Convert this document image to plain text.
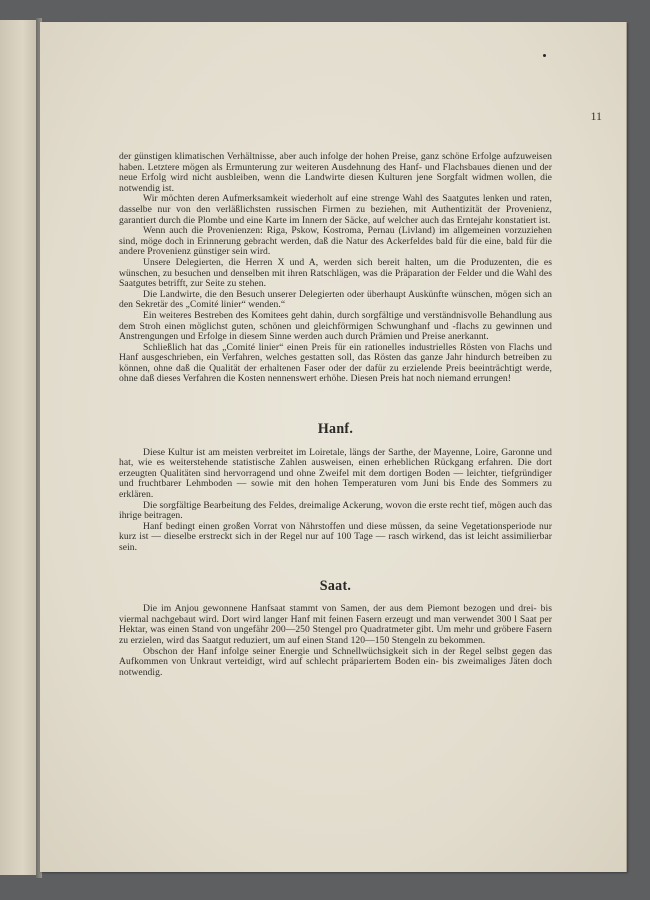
11

der günstigen klimatischen Verhältnisse, aber auch infolge der hohen Preise, ganz schöne Erfolge aufzuweisen haben. Letztere mögen als Ermunterung zur weiteren Ausdehnung des Hanf- und Flachsbaues dienen und der neue Erfolg wird nicht ausbleiben, wenn die Landwirte diesen Kulturen jene Sorgfalt widmen wollen, die notwendig ist.

Wir möchten deren Aufmerksamkeit wiederholt auf eine strenge Wahl des Saatgutes lenken und raten, dasselbe nur von den verläßlichsten russischen Firmen zu beziehen, mit Authentizität der Provenienz, garantiert durch die Plombe und eine Karte im Innern der Säcke, auf welcher auch das Erntejahr konstatiert ist.

Wenn auch die Provenienzen: Riga, Pskow, Kostroma, Pernau (Livland) im allgemeinen vorzuziehen sind, möge doch in Erinnerung gebracht werden, daß die Natur des Ackerfeldes bald für die eine, bald für die andere Provenienz günstiger sein wird.

Unsere Delegierten, die Herren X und A, werden sich bereit halten, um die Produzenten, die es wünschen, zu besuchen und denselben mit ihren Ratschlägen, was die Präparation der Felder und die Wahl des Saatgutes betrifft, zur Seite zu stehen.

Die Landwirte, die den Besuch unserer Delegierten oder überhaupt Auskünfte wünschen, mögen sich an den Sekretär des „Comité linier“ wenden.“

Ein weiteres Bestreben des Komitees geht dahin, durch sorgfältige und verständnisvolle Behandlung aus dem Stroh einen möglichst guten, schönen und gleichförmigen Schwunghanf und -flachs zu gewinnen und Anstrengungen und Erfolge in diesem Sinne werden auch durch Prämien und Preise anerkannt.

Schließlich hat das „Comité linier“ einen Preis für ein rationelles industrielles Rösten von Flachs und Hanf ausgeschrieben, ein Verfahren, welches gestatten soll, das Rösten das ganze Jahr hindurch betreiben zu können, ohne daß die Qualität der erhaltenen Faser oder der dafür zu erzielende Preis beeinträchtigt werde, ohne daß dieses Verfahren die Kosten nennenswert erhöhe. Diesen Preis hat noch niemand errungen!

Hanf.

Diese Kultur ist am meisten verbreitet im Loiretale, längs der Sarthe, der Mayenne, Loire, Garonne und hat, wie es weiterstehende statistische Zahlen ausweisen, einen erheblichen Rückgang erfahren. Die dort erzeugten Qualitäten sind hervorragend und ohne Zweifel mit dem dortigen Boden — leichter, tiefgründiger und fruchtbarer Lehmboden — sowie mit den hohen Temperaturen vom Juni bis Ende des Sommers zu erklären.

Die sorgfältige Bearbeitung des Feldes, dreimalige Ackerung, wovon die erste recht tief, mögen auch das ihrige beitragen.

Hanf bedingt einen großen Vorrat von Nährstoffen und diese müssen, da seine Vegetationsperiode nur kurz ist — dieselbe erstreckt sich in der Regel nur auf 100 Tage — rasch wirkend, das ist leicht assimilierbar sein.

Saat.

Die im Anjou gewonnene Hanfsaat stammt von Samen, der aus dem Piemont bezogen und drei- bis viermal nachgebaut wird. Dort wird langer Hanf mit feinen Fasern erzeugt und man verwendet 300 l Saat per Hektar, was einen Stand von ungefähr 200—250 Stengel pro Quadratmeter gibt. Um mehr und gröbere Fasern zu erzielen, wird das Saatgut reduziert, um auf einen Stand 120—150 Stengeln zu bekommen.

Obschon der Hanf infolge seiner Energie und Schnellwüchsigkeit sich in der Regel selbst gegen das Aufkommen von Unkraut verteidigt, wird auf schlecht präpariertem Boden ein- bis zweimaliges Jäten doch notwendig.
